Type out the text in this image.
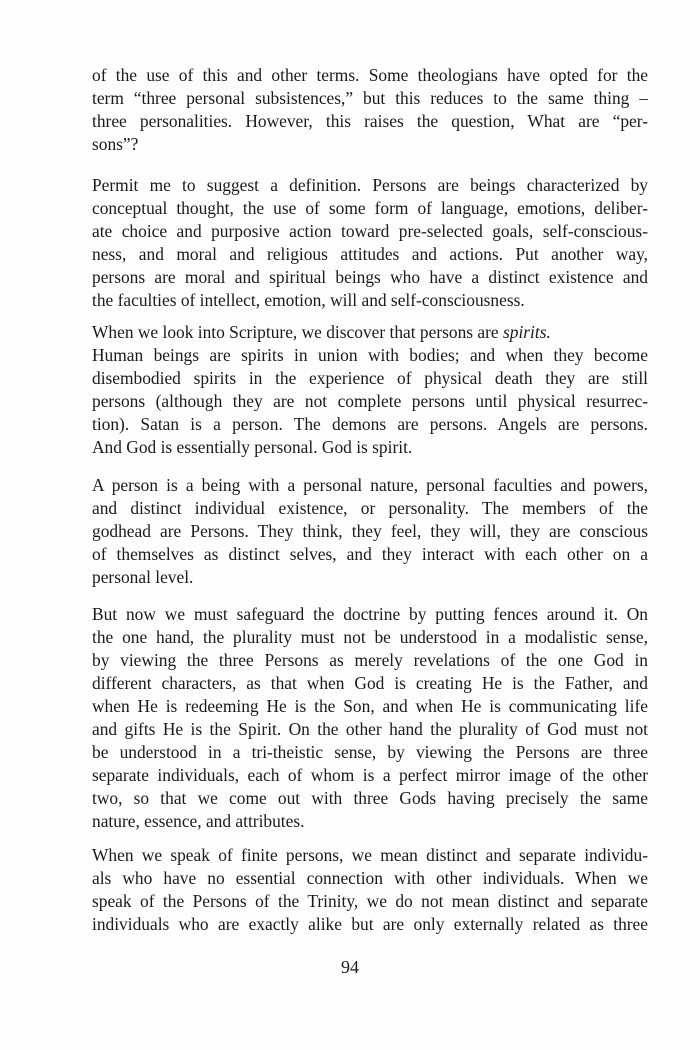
of the use of this and other terms. Some theologians have opted for the
term “three personal subsistences,” but this reduces to the same thing –
three personalities. However, this raises the question, What are “per-
sons”?
Permit me to suggest a definition. Persons are beings characterized by
conceptual thought, the use of some form of language, emotions, deliber-
ate choice and purposive action toward pre-selected goals, self-conscious-
ness, and moral and religious attitudes and actions. Put another way,
persons are moral and spiritual beings who have a distinct existence and
the faculties of intellect, emotion, will and self-consciousness.
When we look into Scripture, we discover that persons are spirits.
Human beings are spirits in union with bodies; and when they become
disembodied spirits in the experience of physical death they are still
persons (although they are not complete persons until physical resurrec-
tion). Satan is a person. The demons are persons. Angels are persons.
And God is essentially personal. God is spirit.
A person is a being with a personal nature, personal faculties and powers,
and distinct individual existence, or personality. The members of the
godhead are Persons. They think, they feel, they will, they are conscious
of themselves as distinct selves, and they interact with each other on a
personal level.
But now we must safeguard the doctrine by putting fences around it. On
the one hand, the plurality must not be understood in a modalistic sense,
by viewing the three Persons as merely revelations of the one God in
different characters, as that when God is creating He is the Father, and
when He is redeeming He is the Son, and when He is communicating life
and gifts He is the Spirit. On the other hand the plurality of God must not
be understood in a tri-theistic sense, by viewing the Persons are three
separate individuals, each of whom is a perfect mirror image of the other
two, so that we come out with three Gods having precisely the same
nature, essence, and attributes.
When we speak of finite persons, we mean distinct and separate individu-
als who have no essential connection with other individuals. When we
speak of the Persons of the Trinity, we do not mean distinct and separate
individuals who are exactly alike but are only externally related as three
94
